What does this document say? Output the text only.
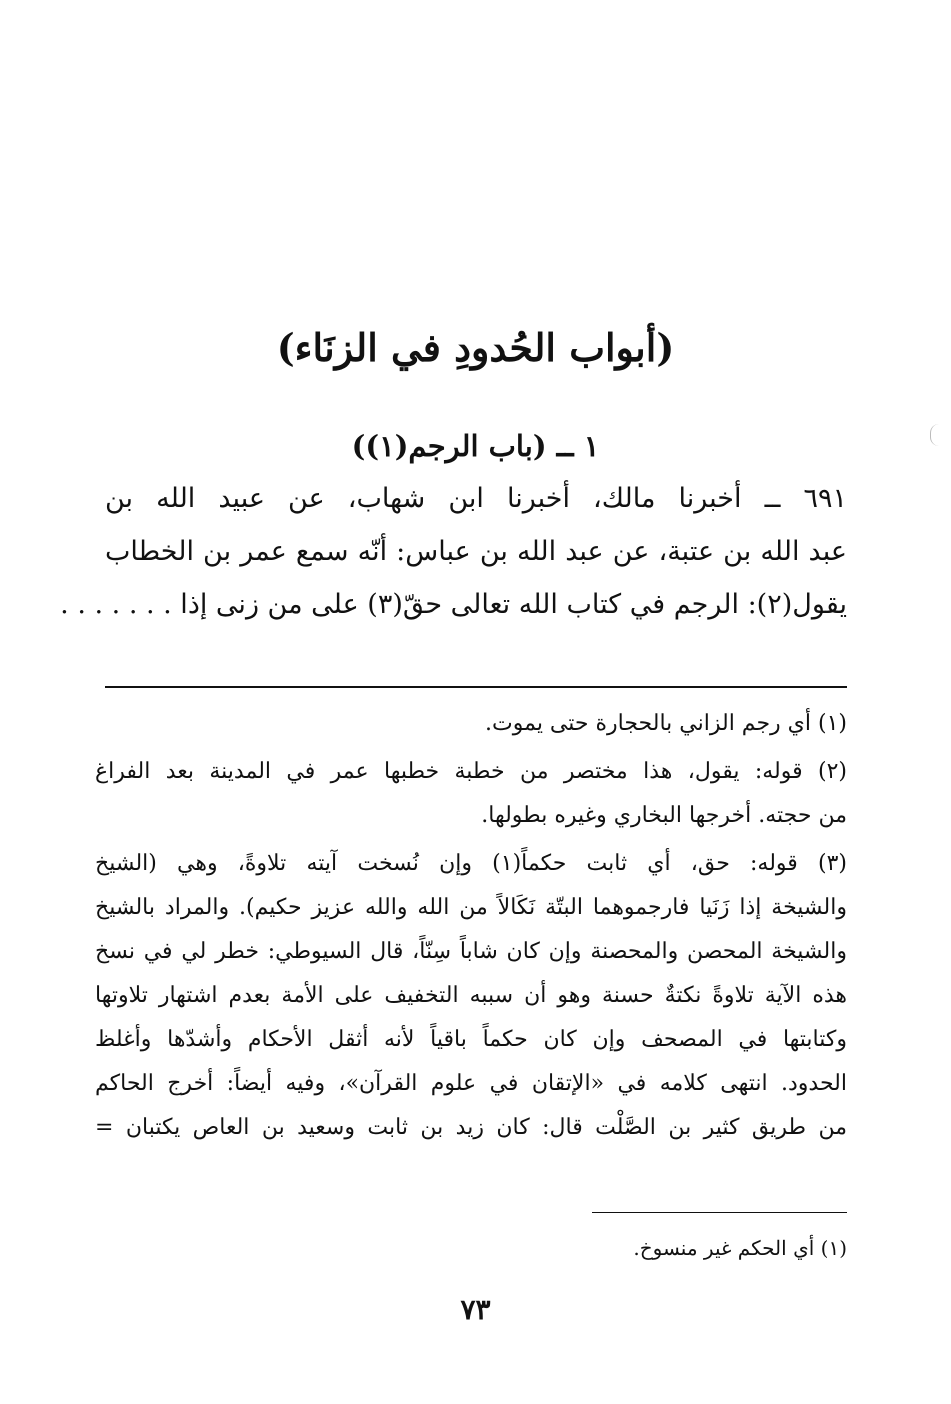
(أبواب الحُدودِ في الزنَاء)
١ ــ (باب الرجم(١))
٦٩١ ــ أخبرنا مالك، أخبرنا ابن شهاب، عن عبيد الله بن
عبد الله بن عتبة، عن عبد الله بن عباس: أنّه سمع عمر بن الخطاب
يقول(٢): الرجم في كتاب الله تعالى حقّ(٣) على من زنى إذا . . . . . . .
(١) أي رجم الزاني بالحجارة حتى يموت.
(٢) قوله: يقول، هذا مختصر من خطبة خطبها عمر في المدينة بعد الفراغ
من حجته. أخرجها البخاري وغيره بطولها.
(٣) قوله: حق، أي ثابت حكماً(١) وإن نُسخت آيته تلاوةً، وهي (الشيخ
والشيخة إذا زَنَيا فارجموهما البتّة نَكَالاً من الله والله عزيز حكيم). والمراد بالشيخ
والشيخة المحصن والمحصنة وإن كان شاباً سِنّاً، قال السيوطي: خطر لي في نسخ
هذه الآية تلاوةً نكتةٌ حسنة وهو أن سببه التخفيف على الأمة بعدم اشتهار تلاوتها
وكتابتها في المصحف وإن كان حكماً باقياً لأنه أثقل الأحكام وأشدّها وأغلظ
الحدود. انتهى كلامه في «الإتقان في علوم القرآن»، وفيه أيضاً: أخرج الحاكم
من طريق كثير بن الصَّلْت قال: كان زيد بن ثابت وسعيد بن العاص يكتبان =
(١) أي الحكم غير منسوخ.
٧٣
